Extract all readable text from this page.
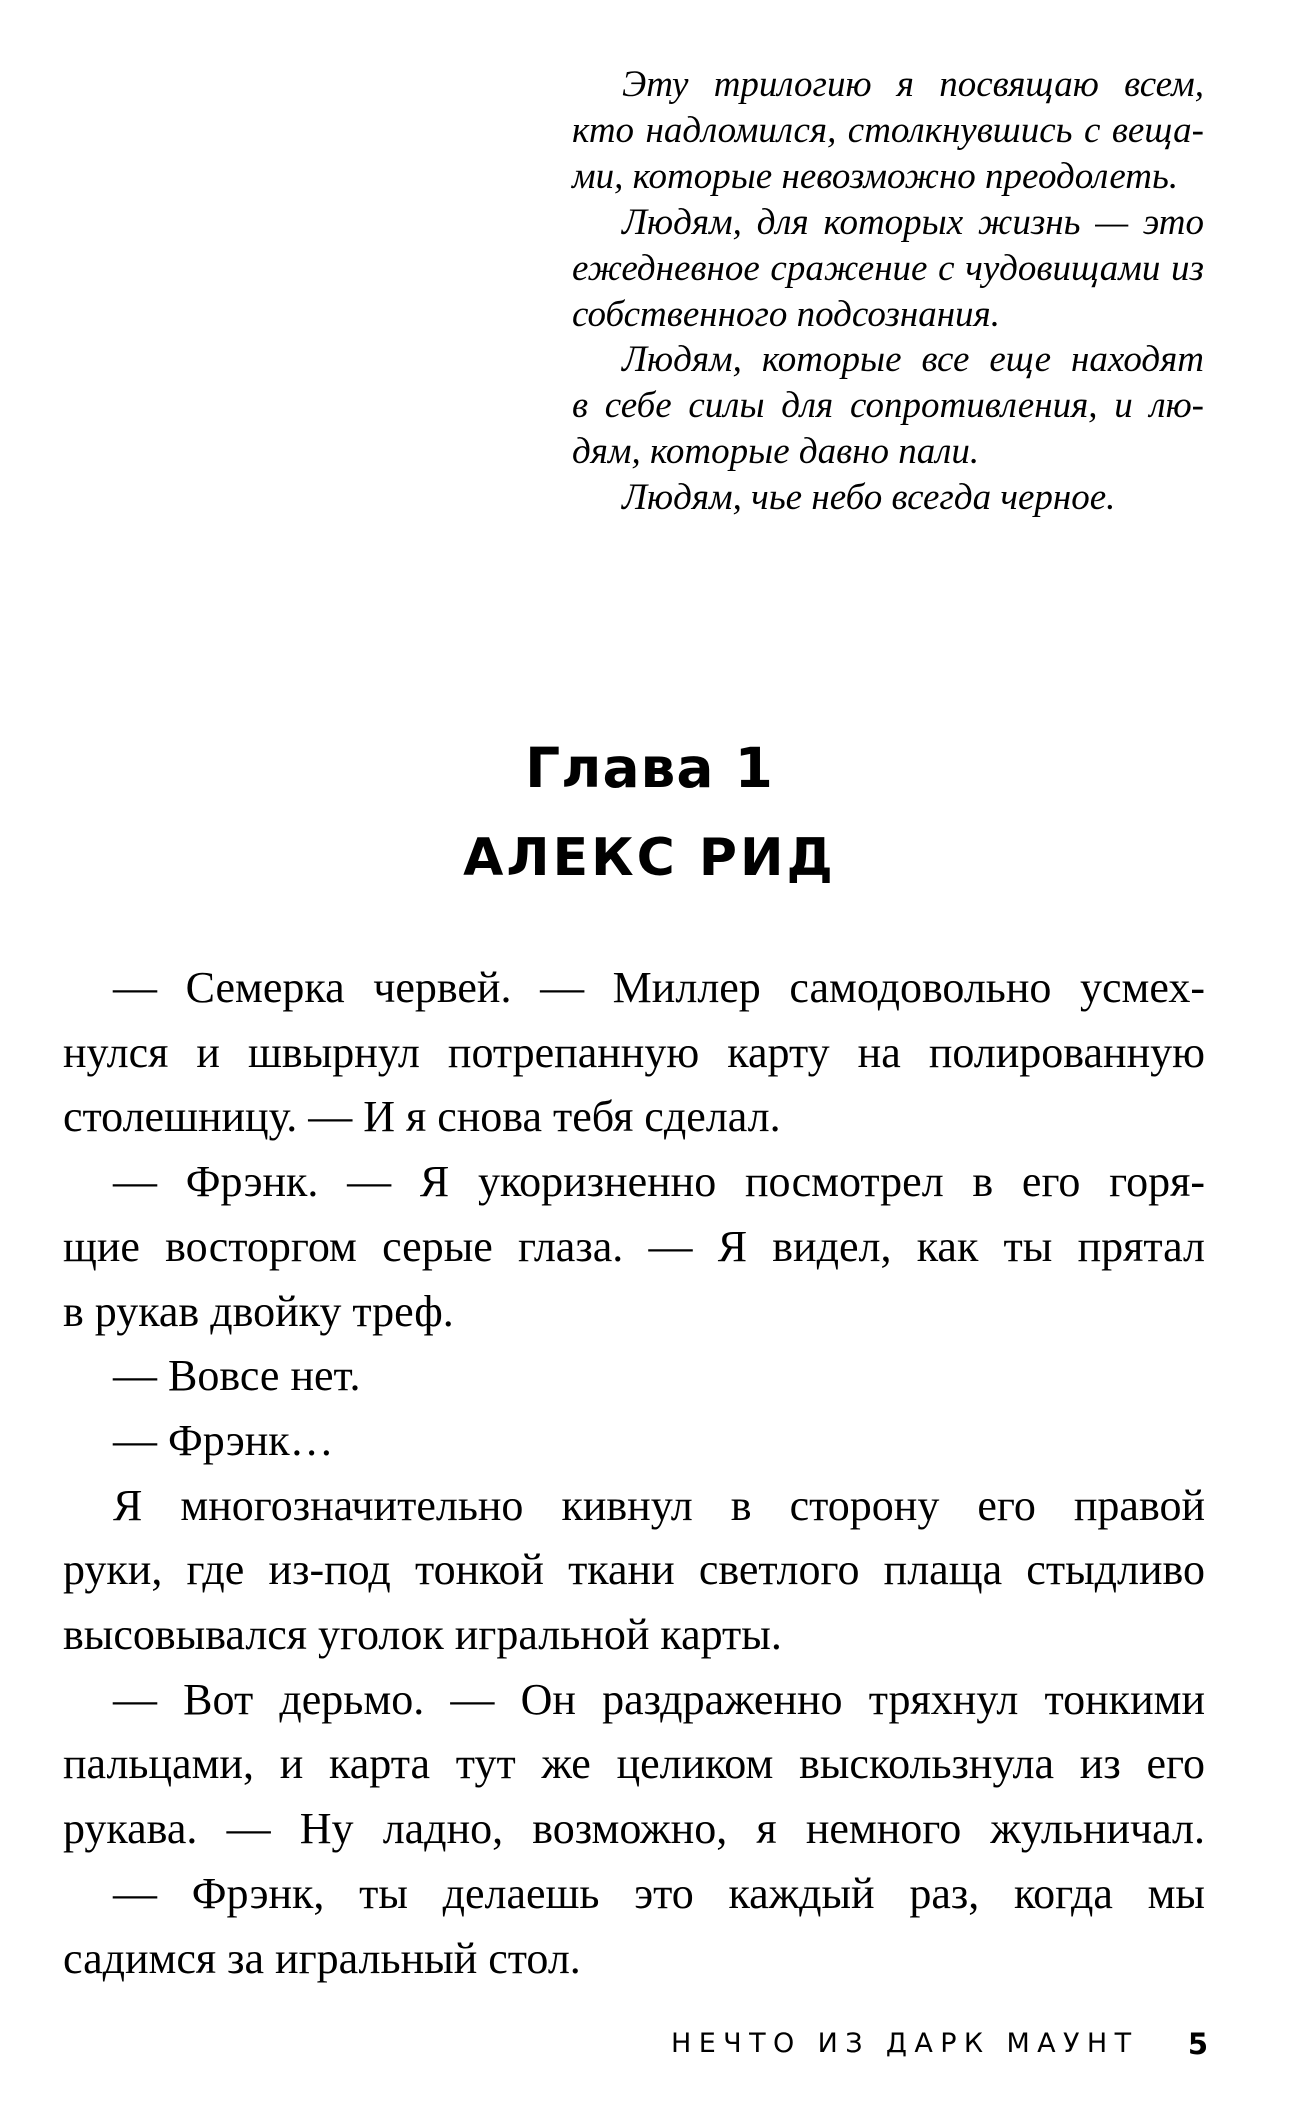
Эту трилогию я посвящаю всем,
кто надломился, столкнувшись с веща-
ми, которые невозможно преодолеть.
Людям, для которых жизнь — это
ежедневное сражение с чудовищами из
собственного подсознания.
Людям, которые все еще находят
в себе силы для сопротивления, и лю-
дям, которые давно пали.
Людям, чье небо всегда черное.
Глава 1
АЛЕКС РИД
— Семерка червей. — Миллер самодовольно усмех-
нулся и швырнул потрепанную карту на полированную
столешницу. — И я снова тебя сделал.
— Фрэнк. — Я укоризненно посмотрел в его горя-
щие восторгом серые глаза. — Я видел, как ты прятал
в рукав двойку треф.
— Вовсе нет.
— Фрэнк…
Я многозначительно кивнул в сторону его правой
руки, где из-под тонкой ткани светлого плаща стыдливо
высовывался уголок игральной карты.
— Вот дерьмо. — Он раздраженно тряхнул тонкими
пальцами, и карта тут же целиком выскользнула из его
рукава. — Ну ладно, возможно, я немного жульничал.
— Фрэнк, ты делаешь это каждый раз, когда мы
садимся за игральный стол.
НЕЧТО ИЗ ДАРК МАУНТ 5
